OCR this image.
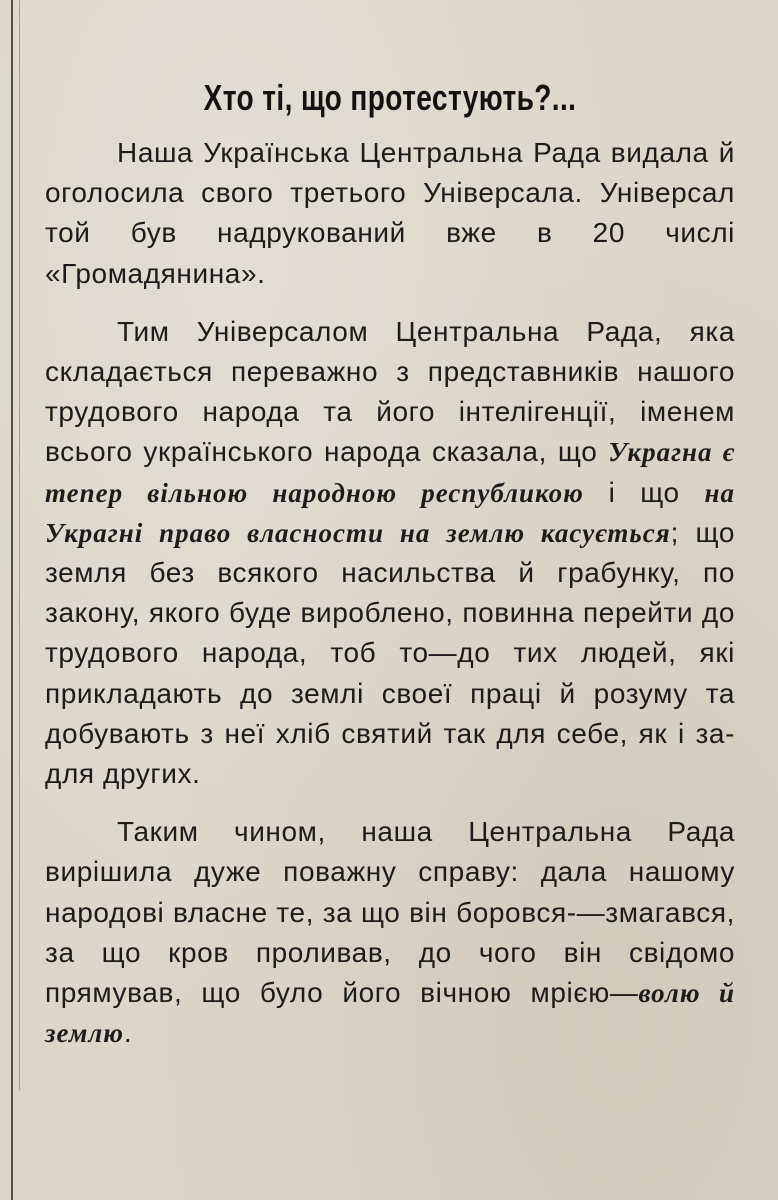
Хто ті, що протестують?...

Наша Українська Центральна Рада видала й оголосила свого третього Універсала. Універсал той був надрукований вже в 20 числі «Громадянина».

Тим Універсалом Центральна Рада, яка складається переважно з представників нашого трудового народа та його інтелігенції, іменем всього українського народа сказала, що Украгна є тепер вільною народною республикою і що на Украгні право власности на землю касується; що земля без всякого насильства й грабунку, по закону, якого буде вироблено, повинна перейти до трудового народа, тоб то—до тих людей, які прикладають до землі своеї праці й розуму та добувають з неї хліб святий так для себе, як і за-для других.

Таким чином, наша Центральна Рада вирішила дуже поважну справу: дала нашому народові власне те, за що він боровся-—змагався, за що кров проливав, до чого він свідомо прямував, що було його вічною мрією—волю й землю.
